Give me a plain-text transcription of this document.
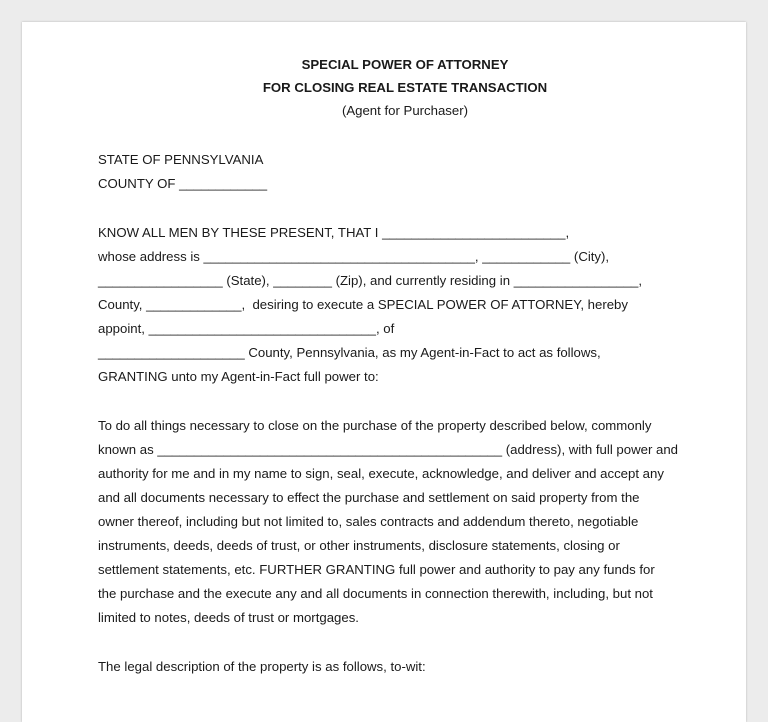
SPECIAL POWER OF ATTORNEY
FOR CLOSING REAL ESTATE TRANSACTION
(Agent for Purchaser)
STATE OF PENNSYLVANIA
COUNTY OF ____________
KNOW ALL MEN BY THESE PRESENT, THAT I _________________________,
whose address is _____________________________________, ____________ (City),
_________________ (State), ________ (Zip), and currently residing in _________________,
County, _____________,  desiring to execute a SPECIAL POWER OF ATTORNEY, hereby
appoint, _______________________________, of
____________________ County, Pennsylvania, as my Agent-in-Fact to act as follows,
GRANTING unto my Agent-in-Fact full power to:
To do all things necessary to close on the purchase of the property described below, commonly
known as _______________________________________________ (address), with full power and
authority for me and in my name to sign, seal, execute, acknowledge, and deliver and accept any
and all documents necessary to effect the purchase and settlement on said property from the
owner thereof, including but not limited to, sales contracts and addendum thereto, negotiable
instruments, deeds, deeds of trust, or other instruments, disclosure statements, closing or
settlement statements, etc. FURTHER GRANTING full power and authority to pay any funds for
the purchase and the execute any and all documents in connection therewith, including, but not
limited to notes, deeds of trust or mortgages.
The legal description of the property is as follows, to-wit:
